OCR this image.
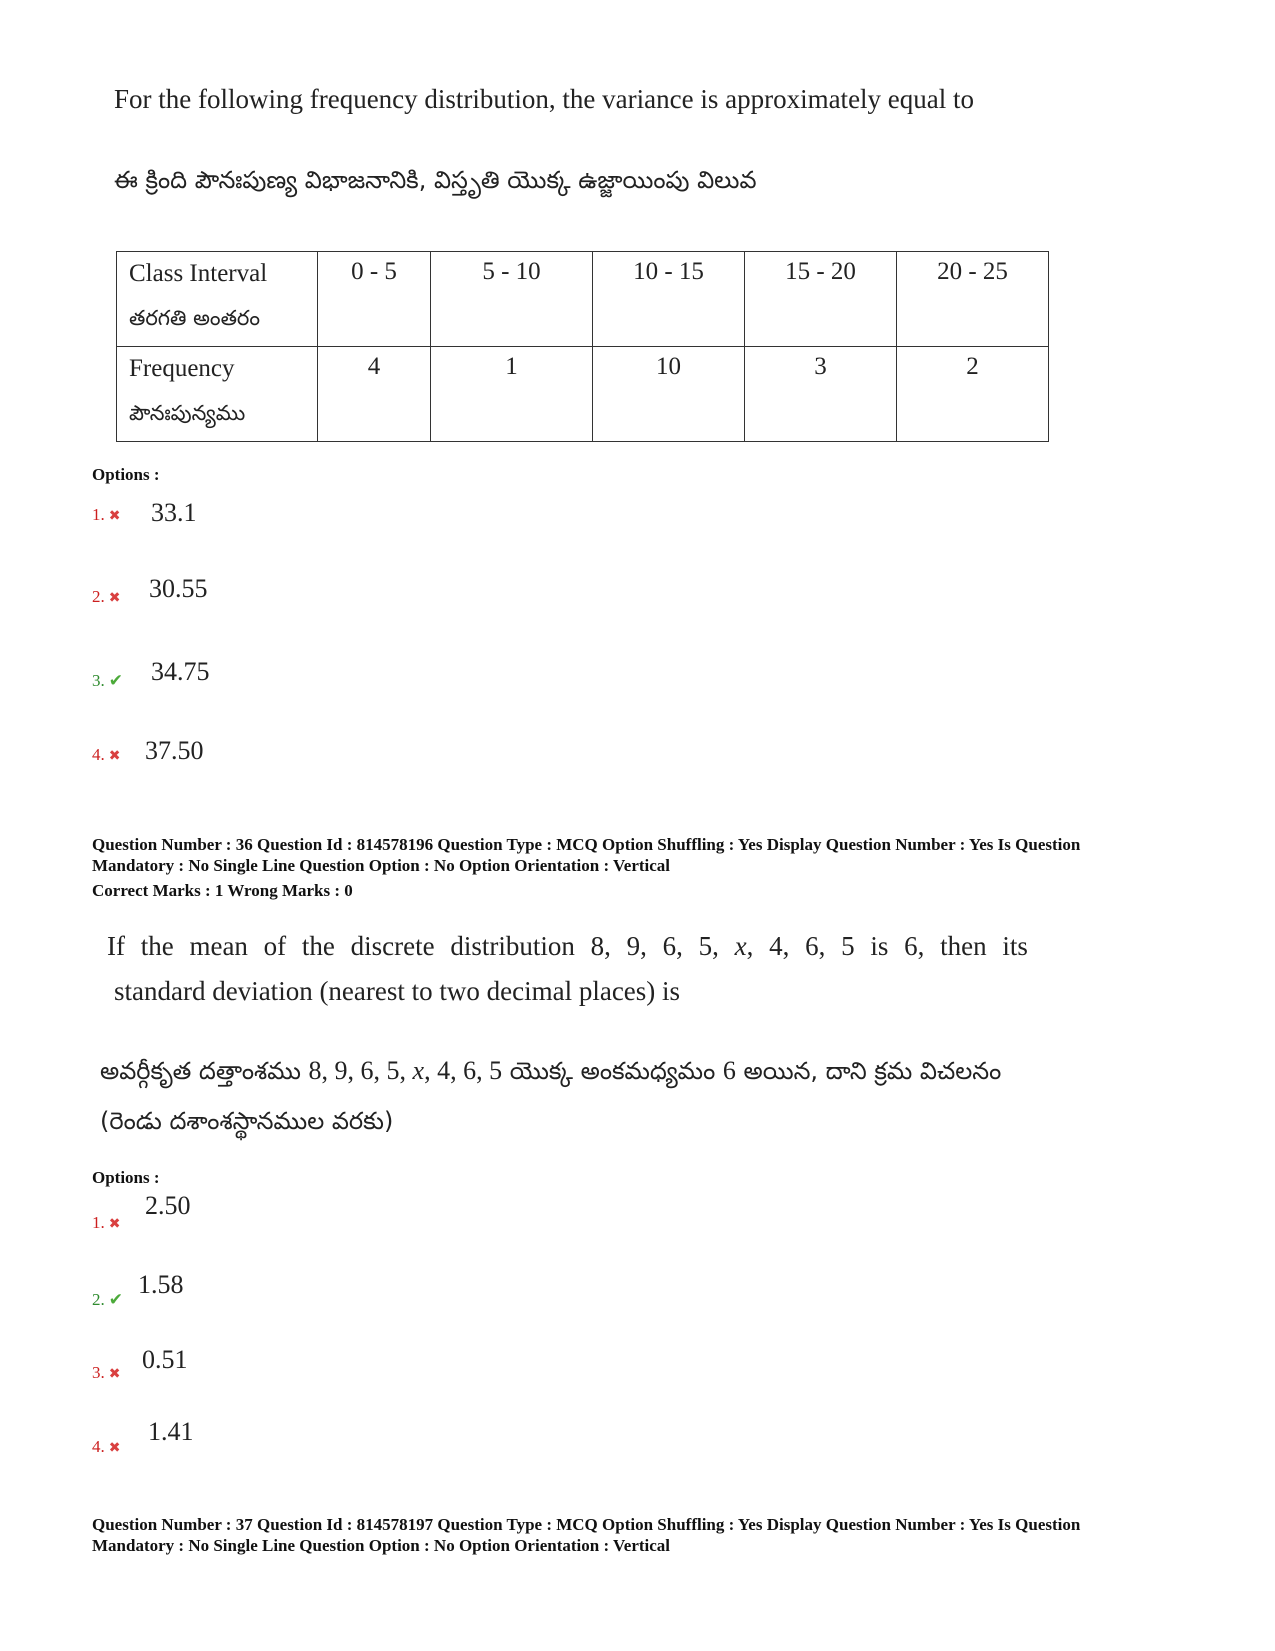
For the following frequency distribution, the variance is approximately equal to
ఈ క్రింది పౌనఃపుణ్య విభాజనానికి, విస్తృతి యొక్క ఉజ్జాయింపు విలువ
Class Interval
తరగతి అంతరం	0 - 5	5 - 10	10 - 15	15 - 20	20 - 25

Frequency
పౌనఃపున్యము	4	1	10	3	2
Options :
1. ✖ 33.1
2. ✖ 30.55
3. ✔ 34.75
4. ✖ 37.50
Question Number : 36 Question Id : 814578196 Question Type : MCQ Option Shuffling : Yes Display Question Number : Yes Is Question
Mandatory : No Single Line Question Option : No Option Orientation : Vertical
Correct Marks : 1 Wrong Marks : 0
If the mean of the discrete distribution 8, 9, 6, 5, x, 4, 6, 5 is 6, then its
standard deviation (nearest to two decimal places) is
అవర్గీకృత దత్తాంశము 8, 9, 6, 5, x, 4, 6, 5 యొక్క అంకమధ్యమం 6 అయిన, దాని క్రమ విచలనం
(రెండు దశాంశస్థానముల వరకు)
Options :
1. ✖
2.50
2. ✔
1.58
3. ✖ 0.51
4. ✖
1.41
Question Number : 37 Question Id : 814578197 Question Type : MCQ Option Shuffling : Yes Display Question Number : Yes Is Question
Mandatory : No Single Line Question Option : No Option Orientation : Vertical
